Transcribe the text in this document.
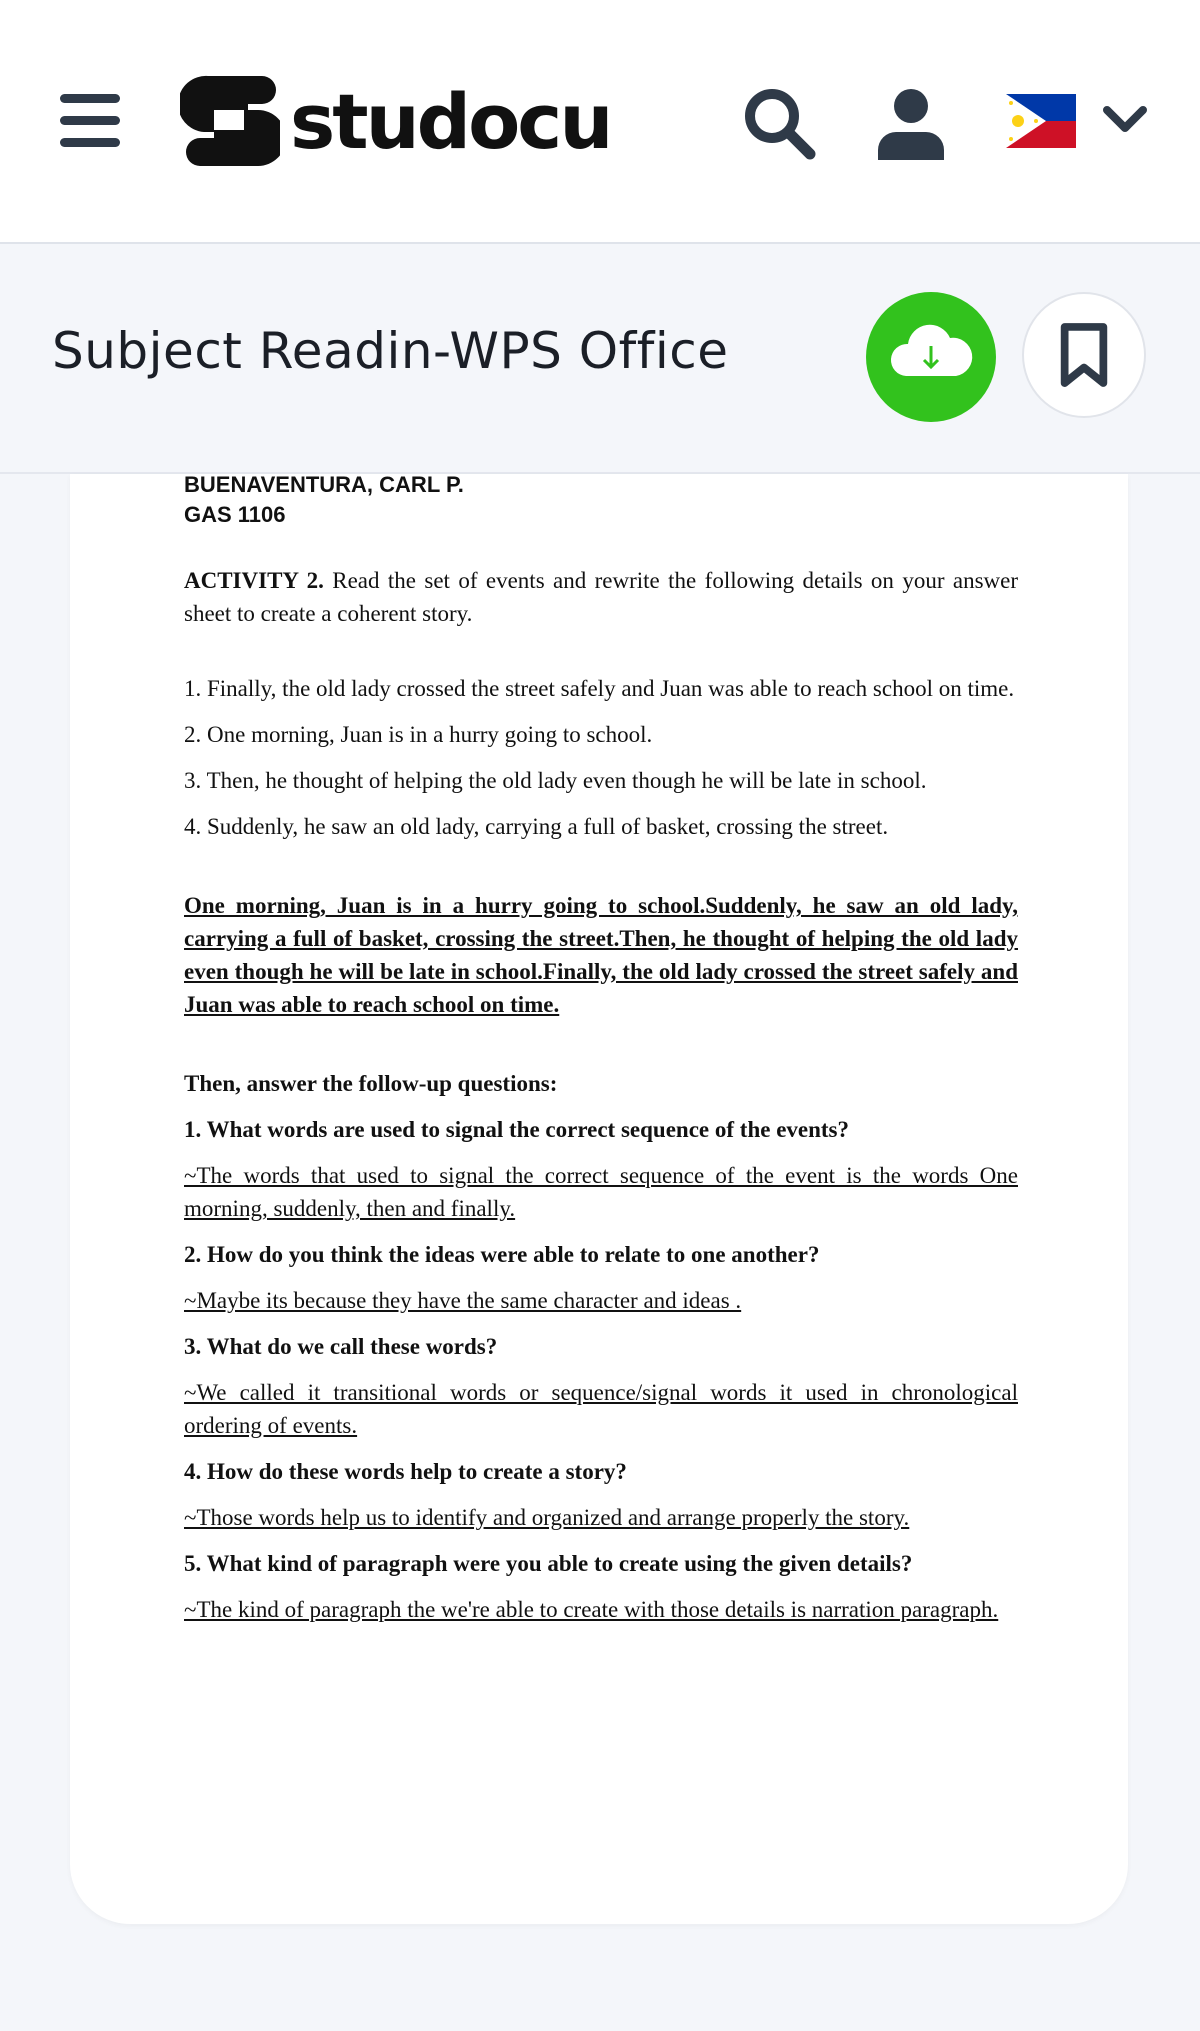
studocu
Subject Readin-WPS Office
BUENAVENTURA, CARL P.
GAS 1106

ACTIVITY 2. Read the set of events and rewrite the following details on your answer sheet to create a coherent story.

1. Finally, the old lady crossed the street safely and Juan was able to reach school on time.

2. One morning, Juan is in a hurry going to school.

3. Then, he thought of helping the old lady even though he will be late in school.

4. Suddenly, he saw an old lady, carrying a full of basket, crossing the street.

One morning, Juan is in a hurry going to school.Suddenly, he saw an old lady, carrying a full of basket, crossing the street.Then, he thought of helping the old lady even though he will be late in school.Finally, the old lady crossed the street safely and Juan was able to reach school on time.

Then, answer the follow-up questions:

1. What words are used to signal the correct sequence of the events?

~The words that used to signal the correct sequence of the event is the words One morning, suddenly, then and finally.

2. How do you think the ideas were able to relate to one another?

~Maybe its because they have the same character and ideas .

3. What do we call these words?

~We called it transitional words or sequence/signal words it used in chronological ordering of events.

4. How do these words help to create a story?

~Those words help us to identify and organized and arrange properly the story.

5. What kind of paragraph were you able to create using the given details?

~The kind of paragraph the we're able to create with those details is narration paragraph.
